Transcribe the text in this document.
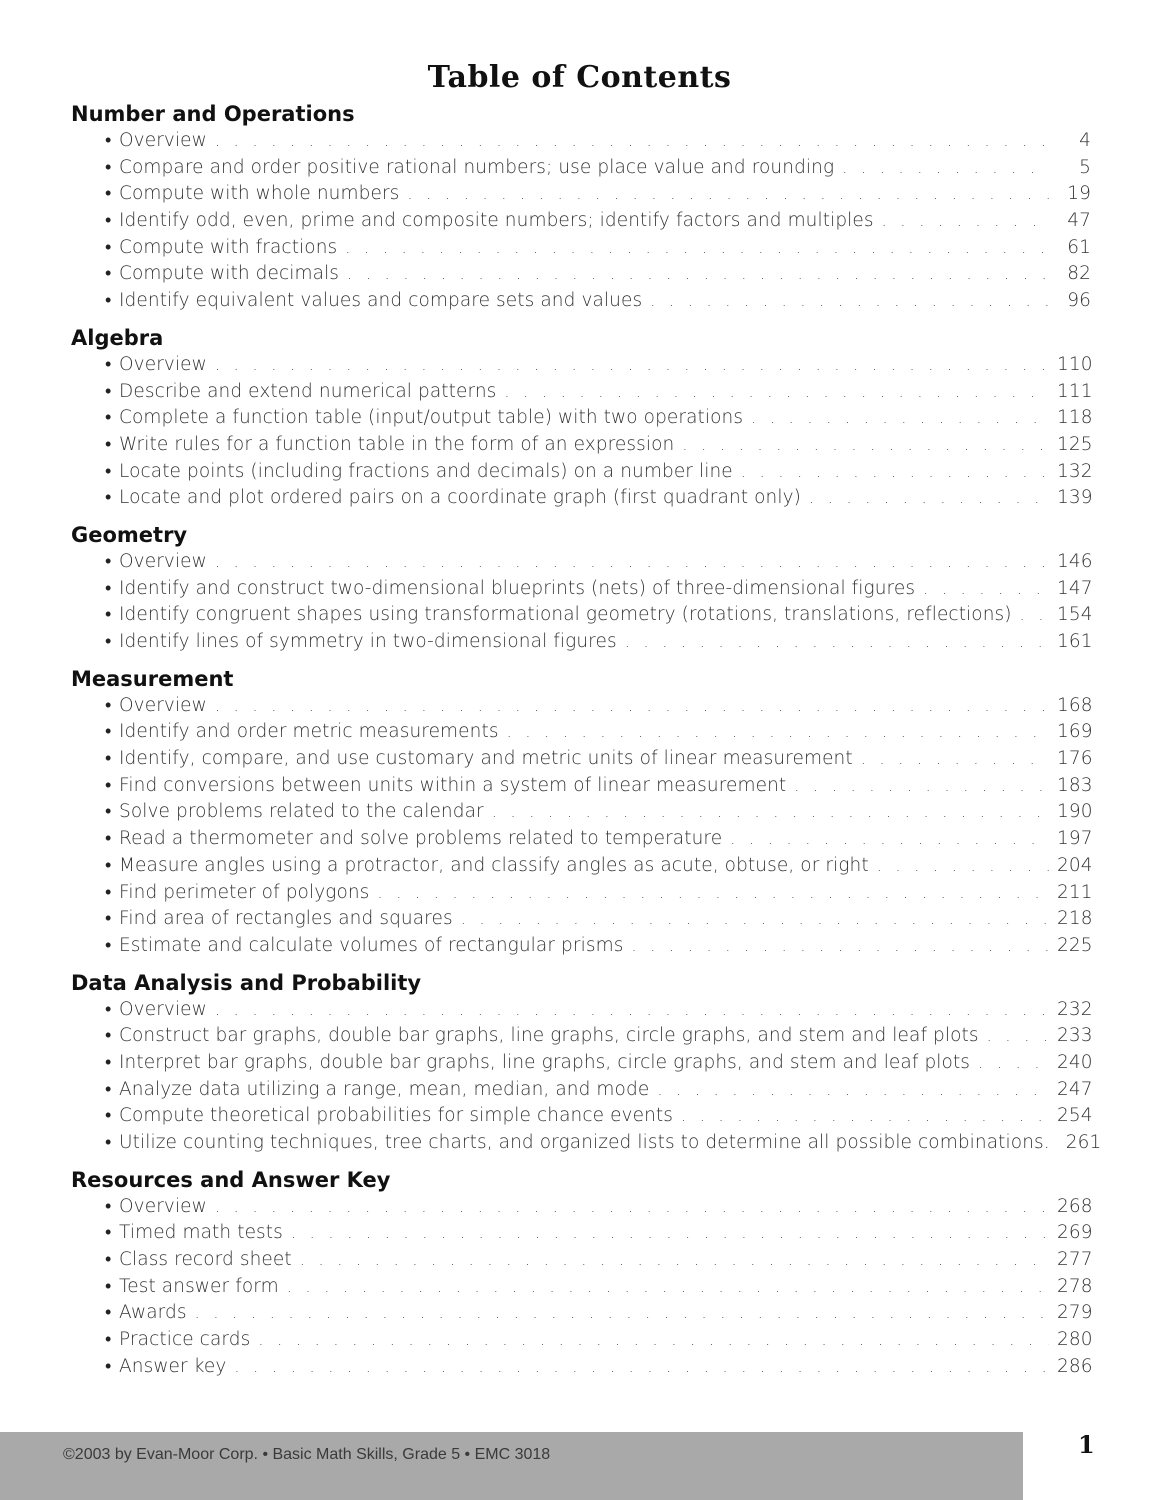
Table of Contents
Number and Operations
• Overview . . .	4
• Compare and order positive rational numbers; use place value and rounding . . .	5
• Compute with whole numbers . . .	19
• Identify odd, even, prime and composite numbers; identify factors and multiples . . .	47
• Compute with fractions . . .	61
• Compute with decimals . . .	82
• Identify equivalent values and compare sets and values . . .	96
Algebra
• Overview . . .	110
• Describe and extend numerical patterns . . .	111
• Complete a function table (input/output table) with two operations . . .	118
• Write rules for a function table in the form of an expression . . .	125
• Locate points (including fractions and decimals) on a number line . . .	132
• Locate and plot ordered pairs on a coordinate graph (first quadrant only) . . .	139
Geometry
• Overview . . .	146
• Identify and construct two-dimensional blueprints (nets) of three-dimensional figures . . .	147
• Identify congruent shapes using transformational geometry (rotations, translations, reflections) . . . 154
• Identify lines of symmetry in two-dimensional figures . . .	161
Measurement
• Overview . . .	168
• Identify and order metric measurements . . .	169
• Identify, compare, and use customary and metric units of linear measurement . . .	176
• Find conversions between units within a system of linear measurement . . .	183
• Solve problems related to the calendar . . .	190
• Read a thermometer and solve problems related to temperature . . .	197
• Measure angles using a protractor, and classify angles as acute, obtuse, or right . . .	204
• Find perimeter of polygons . . .	211
• Find area of rectangles and squares . . .	218
• Estimate and calculate volumes of rectangular prisms . . .	225
Data Analysis and Probability
• Overview . . .	232
• Construct bar graphs, double bar graphs, line graphs, circle graphs, and stem and leaf plots . . .	233
• Interpret bar graphs, double bar graphs, line graphs, circle graphs, and stem and leaf plots . . .	240
• Analyze data utilizing a range, mean, median, and mode . . .	247
• Compute theoretical probabilities for simple chance events . . .	254
• Utilize counting techniques, tree charts, and organized lists to determine all possible combinations. 261
Resources and Answer Key
• Overview . . .	268
• Timed math tests . . .	269
• Class record sheet . . .	277
• Test answer form . . .	278
• Awards . . .	279
• Practice cards . . .	280
• Answer key . . .	286
©2003 by Evan-Moor Corp. • Basic Math Skills, Grade 5 • EMC 3018	1
